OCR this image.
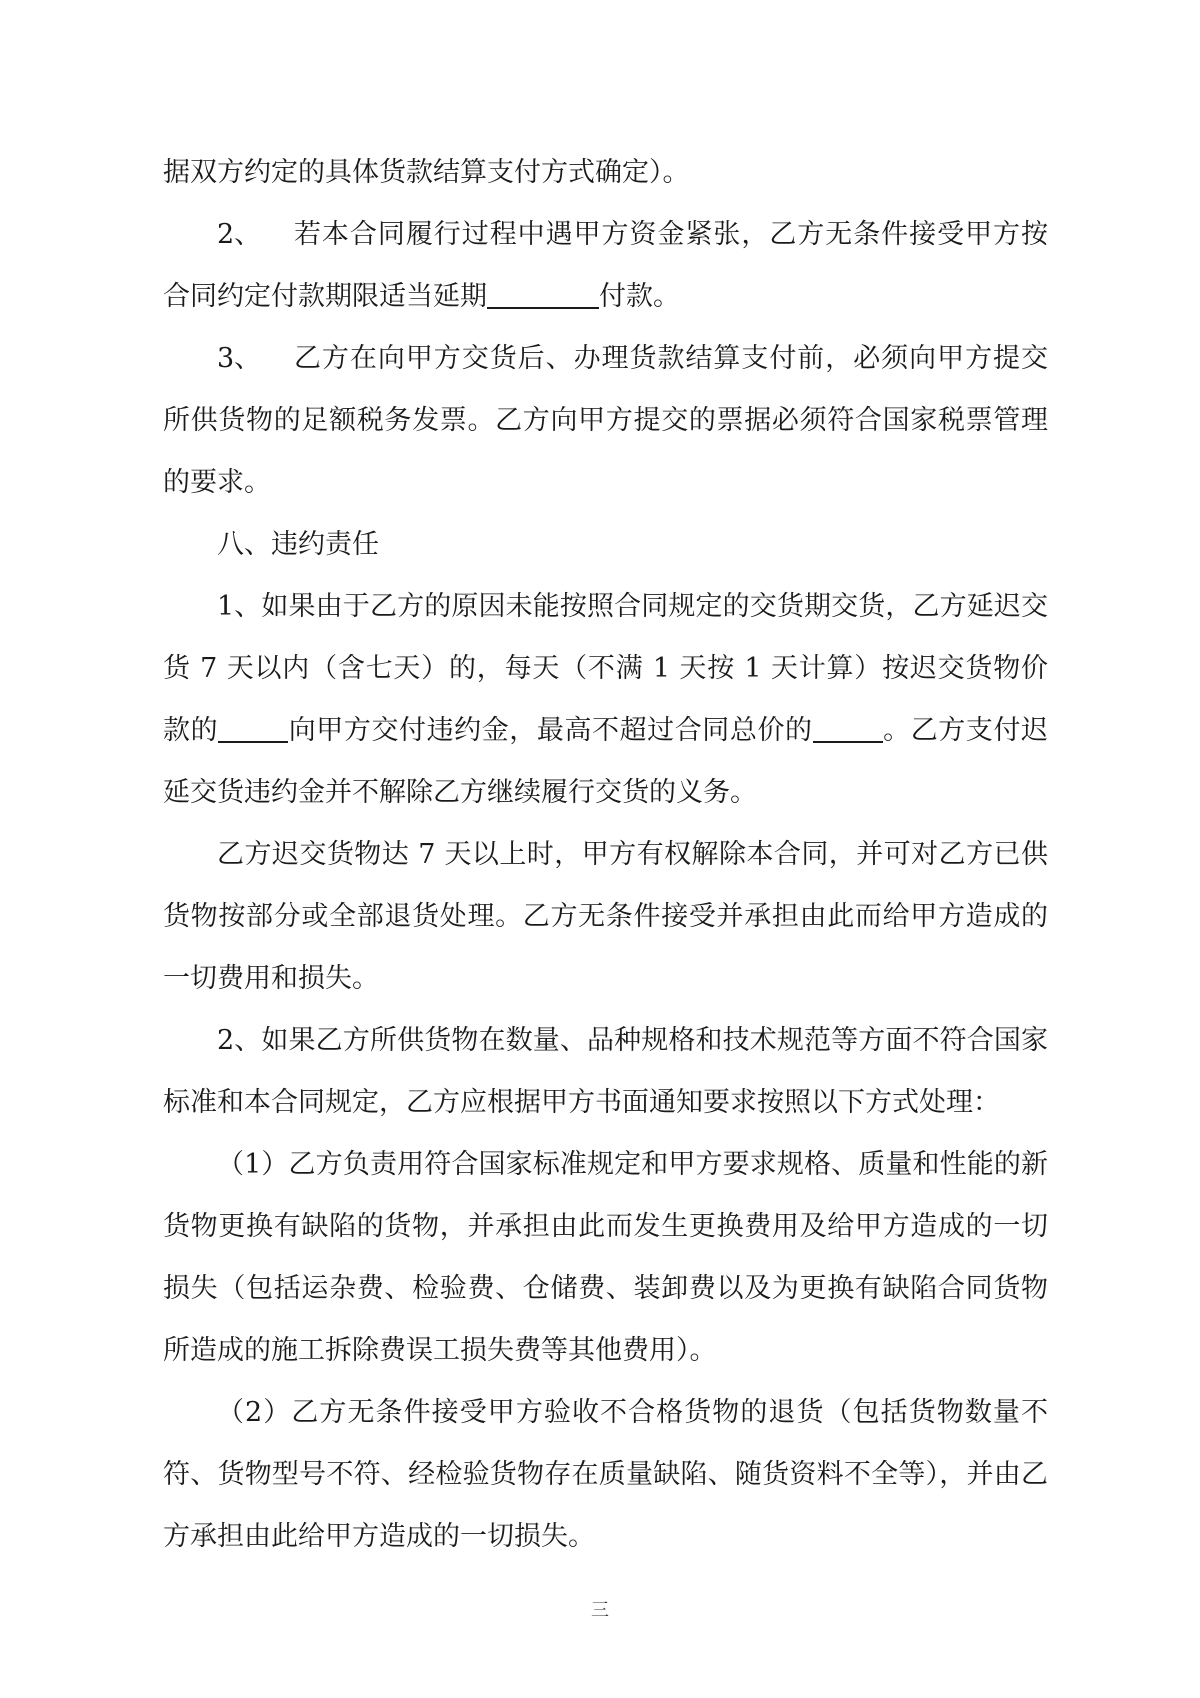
据双方约定的具体货款结算支付方式确定）。

2、 若本合同履行过程中遇甲方资金紧张，乙方无条件接受甲方按合同约定付款期限适当延期	付款。

3、 乙方在向甲方交货后、办理货款结算支付前，必须向甲方提交所供货物的足额税务发票。乙方向甲方提交的票据必须符合国家税票管理的要求。

八、违约责任

1、如果由于乙方的原因未能按照合同规定的交货期交货，乙方延迟交货 7 天以内（含七天）的，每天（不满 1 天按 1 天计算）按迟交货物价款的	向甲方交付违约金，最高不超过合同总价的	。乙方支付迟延交货违约金并不解除乙方继续履行交货的义务。

乙方迟交货物达 7 天以上时，甲方有权解除本合同，并可对乙方已供货物按部分或全部退货处理。乙方无条件接受并承担由此而给甲方造成的一切费用和损失。

2、如果乙方所供货物在数量、品种规格和技术规范等方面不符合国家标准和本合同规定，乙方应根据甲方书面通知要求按照以下方式处理：

（1）乙方负责用符合国家标准规定和甲方要求规格、质量和性能的新货物更换有缺陷的货物，并承担由此而发生更换费用及给甲方造成的一切损失（包括运杂费、检验费、仓储费、装卸费以及为更换有缺陷合同货物所造成的施工拆除费误工损失费等其他费用）。

（2）乙方无条件接受甲方验收不合格货物的退货（包括货物数量不符、货物型号不符、经检验货物存在质量缺陷、随货资料不全等），并由乙方承担由此给甲方造成的一切损失。

三
